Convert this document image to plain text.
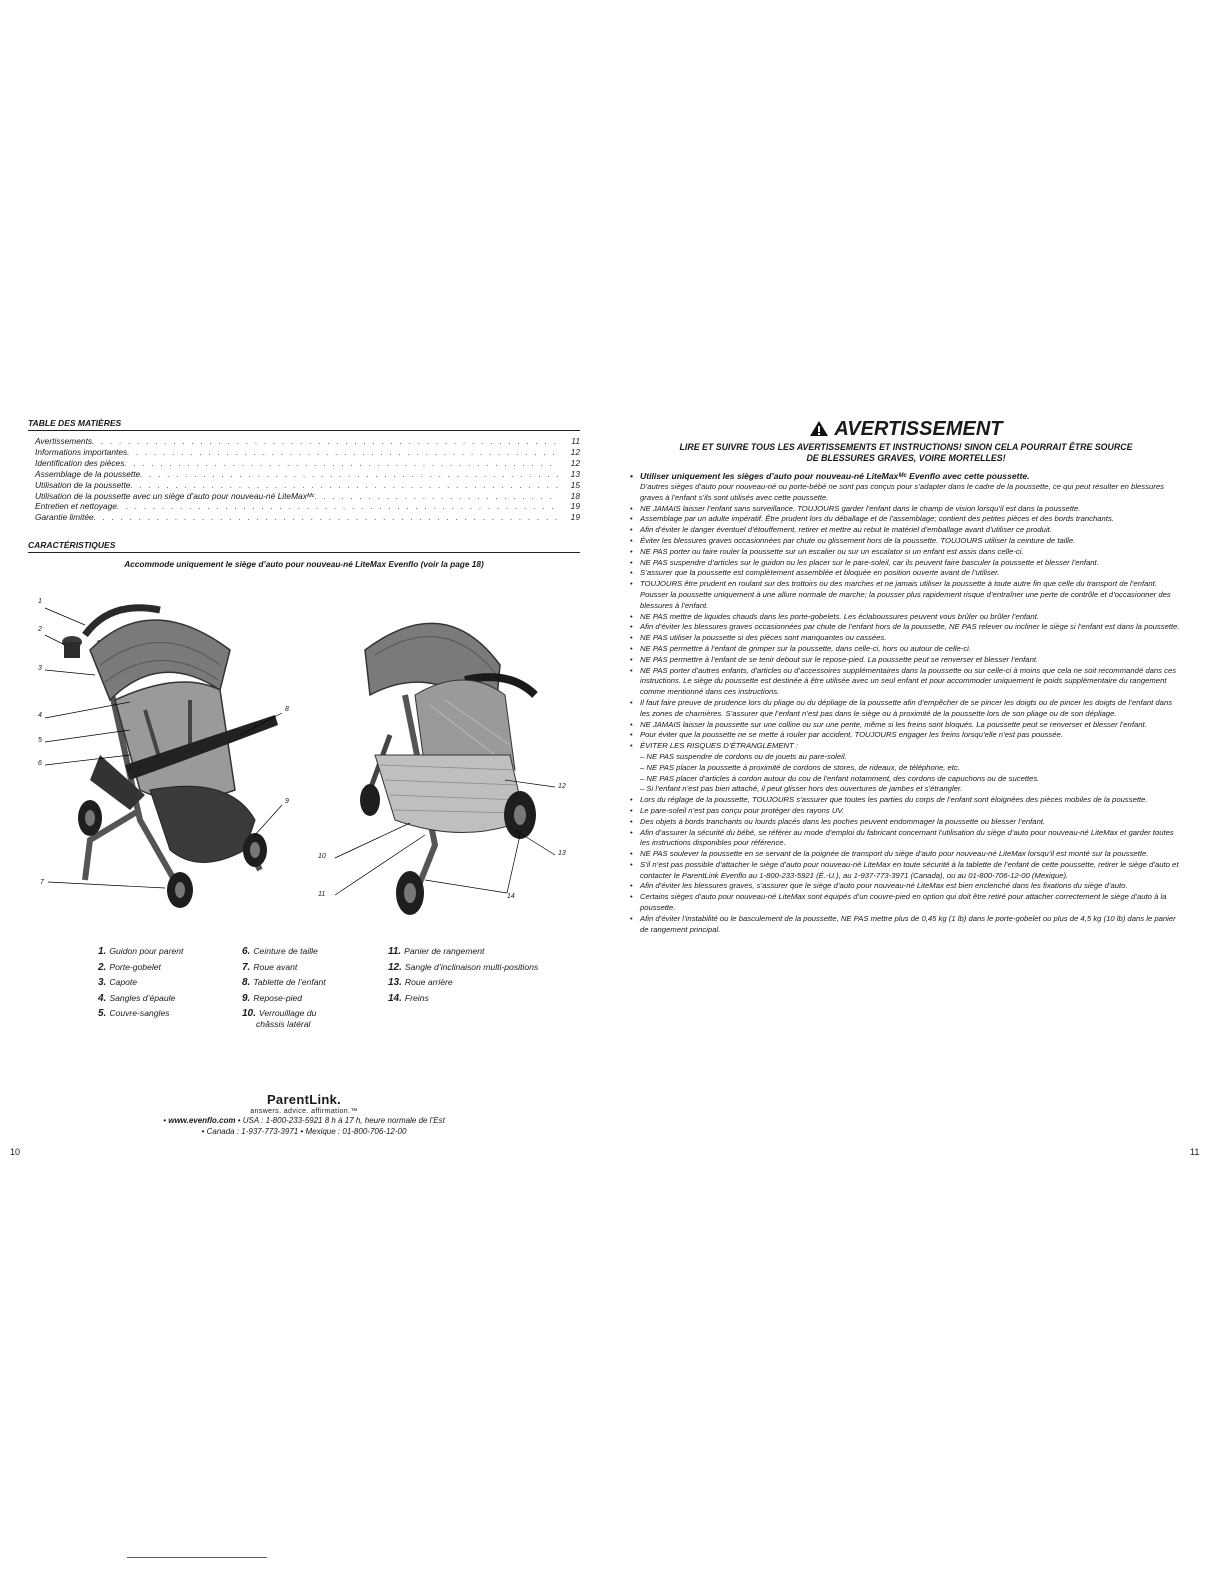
TABLE DES MATIÈRES
Avertissements . . .	11
Informations importantes . . .	12
Identification des pièces . . .	12
Assemblage de la poussette . . .	13
Utilisation de la poussette . . .	15
Utilisation de la poussette avec un siège d’auto pour nouveau-né LiteMaxᴹᶜ . . .	18
Entretien et nettoyage . . .	19
Garantie limitée . . .	19
CARACTÉRISTIQUES
Accommode uniquement le siège d’auto pour nouveau-né LiteMax Evenflo (voir la page 18)
1
2
3
4
5
6
7
8
9
10
11
12
13
14
1. Guidon pour parent
2. Porte-gobelet
3. Capote
4. Sangles d’épaule
5. Couvre-sangles
6. Ceinture de taille
7. Roue avant
8. Tablette de l’enfant
9. Repose-pied
10. Verrouillage du
châssis latéral
11. Panier de rangement
12. Sangle d’inclinaison multi-positions
13. Roue arrière
14. Freins
ParentLink.
answers. advice. affirmation.™
• www.evenflo.com • USA : 1-800-233-5921 8 h à 17 h, heure normale de l’Est
• Canada : 1-937-773-3971 • Mexique : 01-800-706-12-00
10	11
AVERTISSEMENT
LIRE ET SUIVRE TOUS LES AVERTISSEMENTS ET INSTRUCTIONS! SINON CELA POURRAIT ÊTRE SOURCE
DE BLESSURES GRAVES, VOIRE MORTELLES!
• Utiliser uniquement les sièges d’auto pour nouveau-né LiteMaxᴹᶜ Evenflo avec cette poussette.
D’autres sièges d’auto pour nouveau-né ou porte-bébé ne sont pas conçus pour s’adapter dans le cadre de la poussette, ce qui peut résulter en blessures graves à l’enfant s’ils sont utilisés avec cette poussette.
• NE JAMAIS laisser l’enfant sans surveillance. TOUJOURS garder l’enfant dans le champ de vision lorsqu’il est dans la poussette.
• Assemblage par un adulte impératif. Être prudent lors du déballage et de l’assemblage; contient des petites pièces et des bords tranchants.
• Afin d’éviter le danger éventuel d’étouffement, retirer et mettre au rebut le matériel d’emballage avant d’utiliser ce produit.
• Éviter les blessures graves occasionnées par chute ou glissement hors de la poussette. TOUJOURS utiliser la ceinture de taille.
• NE PAS porter ou faire rouler la poussette sur un escalier ou sur un escalator si un enfant est assis dans celle-ci.
• NE PAS suspendre d’articles sur le guidon ou les placer sur le pare-soleil, car ils peuvent faire basculer la poussette et blesser l’enfant.
• S’assurer que la poussette est complètement assemblée et bloquée en position ouverte avant de l’utiliser.
• TOUJOURS être prudent en roulant sur des trottoirs ou des marches et ne jamais utiliser la poussette à toute autre fin que celle du transport de l’enfant. Pousser la poussette uniquement à une allure normale de marche; la pousser plus rapidement risque d’entraîner une perte de contrôle et d’occasionner des blessures à l’enfant.
• NE PAS mettre de liquides chauds dans les porte-gobelets. Les éclaboussures peuvent vous brûler ou brûler l’enfant.
• Afin d’éviter les blessures graves occasionnées par chute de l’enfant hors de la poussette, NE PAS relever ou incliner le siège si l’enfant est dans la poussette.
• NE PAS utiliser la poussette si des pièces sont manquantes ou cassées.
• NE PAS permettre à l’enfant de grimper sur la poussette, dans celle-ci, hors ou autour de celle-ci.
• NE PAS permettre à l’enfant de se tenir debout sur le repose-pied. La poussette peut se renverser et blesser l’enfant.
• NE PAS porter d’autres enfants, d’articles ou d’accessoires supplémentaires dans la poussette ou sur celle-ci à moins que cela ne soit recommandé dans ces instructions. Le siège du poussette est destinée à être utilisée avec un seul enfant et pour accommoder uniquement le poids supplémentaire du rangement comme mentionné dans ces instructions.
• Il faut faire preuve de prudence lors du pliage ou du dépliage de la poussette afin d’empêcher de se pincer les doigts ou de pincer les doigts de l’enfant dans les zones de charnières. S’assurer que l’enfant n’est pas dans le siège ou à proximité de la poussette lors de son pliage ou de son dépliage.
• NE JAMAIS laisser la poussette sur une colline ou sur une pente, même si les freins sont bloqués. La poussette peut se renverser et blesser l’enfant.
• Pour éviter que la poussette ne se mette à rouler par accident, TOUJOURS engager les freins lorsqu’elle n’est pas poussée.
• ÉVITER LES RISQUES D’ÉTRANGLEMENT :
– NE PAS suspendre de cordons ou de jouets au pare-soleil.
– NE PAS placer la poussette à proximité de cordons de stores, de rideaux, de téléphone, etc.
– NE PAS placer d’articles à cordon autour du cou de l’enfant notamment, des cordons de capuchons ou de sucettes.
– Si l’enfant n’est pas bien attaché, il peut glisser hors des ouvertures de jambes et s’étrangler.
• Lors du réglage de la poussette, TOUJOURS s’assurer que toutes les parties du corps de l’enfant sont éloignées des pièces mobiles de la poussette.
• Le pare-soleil n’est pas conçu pour protéger des rayons UV.
• Des objets à bords tranchants ou lourds placés dans les poches peuvent endommager la poussette ou blesser l’enfant.
• Afin d’assurer la sécurité du bébé, se référer au mode d’emploi du fabricant concernant l’utilisation du siège d’auto pour nouveau-né LiteMax et garder toutes les instructions disponibles pour référence.
• NE PAS soulever la poussette en se servant de la poignée de transport du siège d’auto pour nouveau-né LiteMax lorsqu’il est monté sur la poussette.
• S’il n’est pas possible d’attacher le siège d’auto pour nouveau-né LiteMax en toute sécurité à la tablette de l’enfant de cette poussette, retirer le siège d’auto et contacter le ParentLink Evenflo au 1-800-233-5921 (É.-U.), au 1-937-773-3971 (Canada), ou au 01-800-706-12-00 (Mexique).
• Afin d’éviter les blessures graves, s’assurer que le siège d’auto pour nouveau-né LiteMax est bien enclenché dans les fixations du siège d’auto.
• Certains sièges d’auto pour nouveau-né LiteMax sont équipés d’un couvre-pied en option qui doit être retiré pour attacher correctement le siège d’auto à la poussette.
• Afin d’éviter l’instabilité ou le basculement de la poussette, NE PAS mettre plus de 0,45 kg (1 lb) dans le porte-gobelet ou plus de 4,5 kg (10 lb) dans le panier de rangement principal.
